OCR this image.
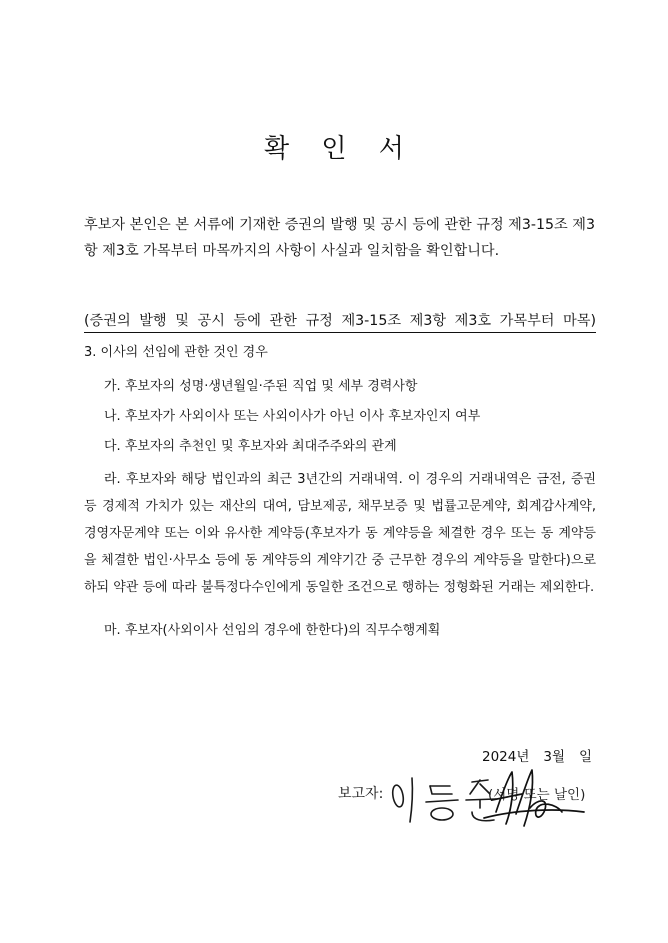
확 인 서

후보자 본인은 본 서류에 기재한 증권의 발행 및 공시 등에 관한 규정 제3-15조 제3항 제3호 가목부터 마목까지의 사항이 사실과 일치함을 확인합니다.

(증권의 발행 및 공시 등에 관한 규정 제3-15조 제3항 제3호 가목부터 마목)
3. 이사의 선임에 관한 것인 경우
가. 후보자의 성명·생년월일·주된 직업 및 세부 경력사항
나. 후보자가 사외이사 또는 사외이사가 아닌 이사 후보자인지 여부
다. 후보자의 추천인 및 후보자와 최대주주와의 관계
라. 후보자와 해당 법인과의 최근 3년간의 거래내역. 이 경우의 거래내역은 금전, 증권 등 경제적 가치가 있는 재산의 대여, 담보제공, 채무보증 및 법률고문계약, 회계감사계약, 경영자문계약 또는 이와 유사한 계약등(후보자가 동 계약등을 체결한 경우 또는 동 계약등을 체결한 법인·사무소 등에 동 계약등의 계약기간 중 근무한 경우의 계약등을 말한다)으로 하되 약관 등에 따라 불특정다수인에게 동일한 조건으로 행하는 정형화된 거래는 제외한다.
마. 후보자(사외이사 선임의 경우에 한한다)의 직무수행계획
2024년 3월 일
보고자:	(서명 또는 날인)
